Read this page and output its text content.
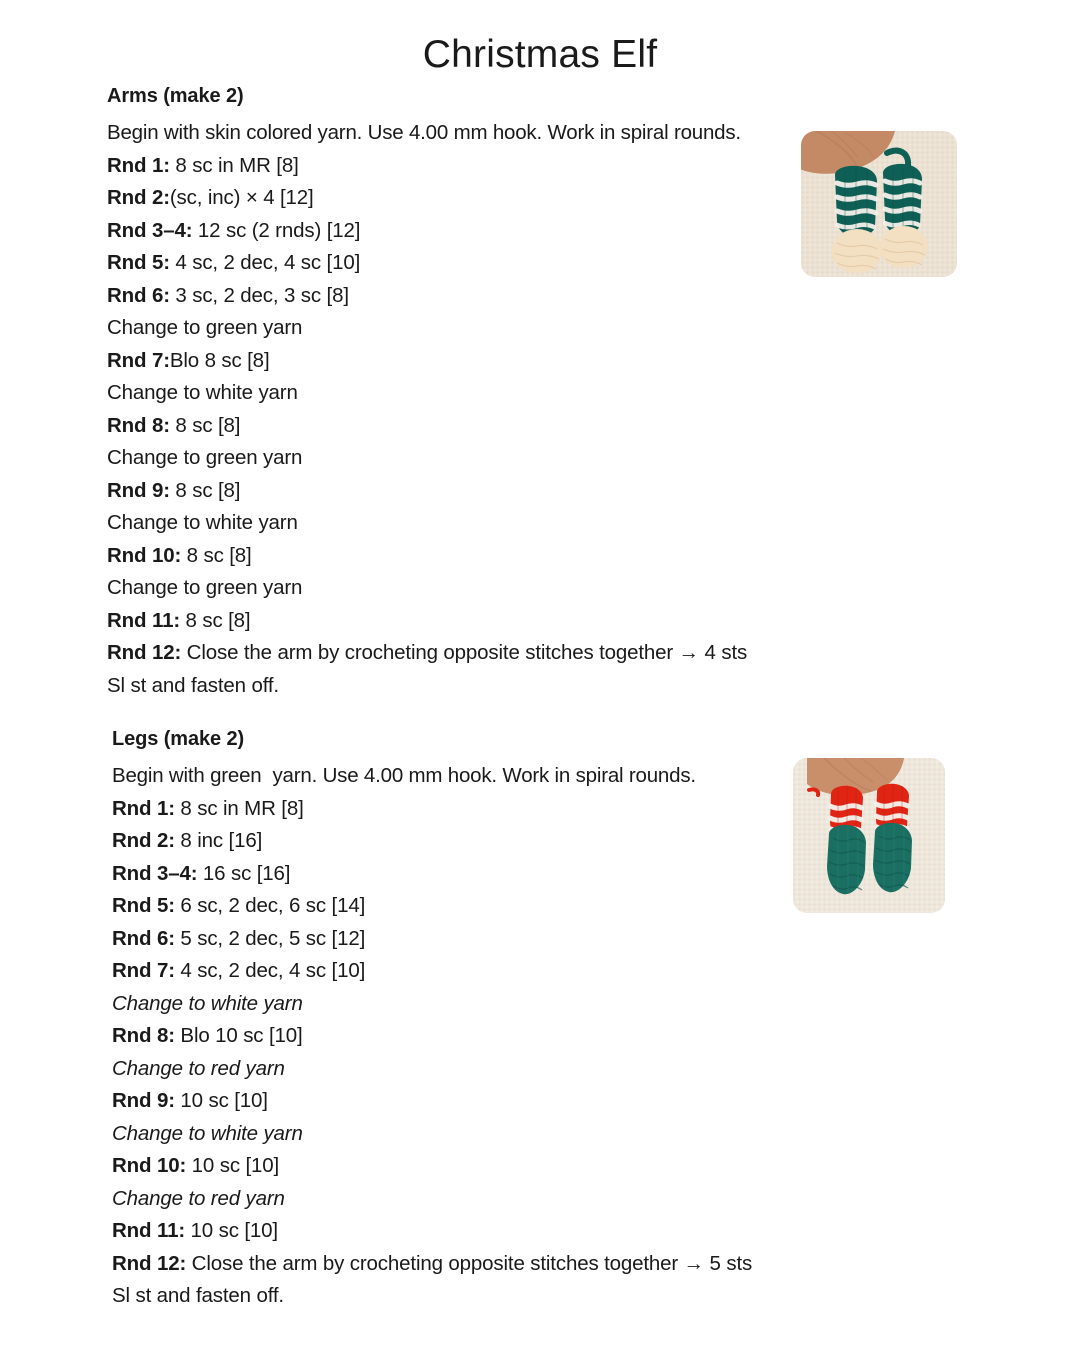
Christmas Elf
Arms (make 2)
Begin with skin colored yarn. Use 4.00 mm hook. Work in spiral rounds.
Rnd 1: 8 sc in MR [8]
Rnd 2:(sc, inc) × 4 [12]
Rnd 3–4: 12 sc (2 rnds) [12]
Rnd 5: 4 sc, 2 dec, 4 sc [10]
Rnd 6: 3 sc, 2 dec, 3 sc [8]
Change to green yarn
Rnd 7:Blo 8 sc [8]
Change to white yarn
Rnd 8: 8 sc [8]
Change to green yarn
Rnd 9: 8 sc [8]
Change to white yarn
Rnd 10: 8 sc [8]
Change to green yarn
Rnd 11: 8 sc [8]
Rnd 12: Close the arm by crocheting opposite stitches together → 4 sts
Sl st and fasten off.
Legs (make 2)
Begin with green  yarn. Use 4.00 mm hook. Work in spiral rounds.
Rnd 1: 8 sc in MR [8]
Rnd 2: 8 inc [16]
Rnd 3–4: 16 sc [16]
Rnd 5: 6 sc, 2 dec, 6 sc [14]
Rnd 6: 5 sc, 2 dec, 5 sc [12]
Rnd 7: 4 sc, 2 dec, 4 sc [10]
Change to white yarn
Rnd 8: Blo 10 sc [10]
Change to red yarn
Rnd 9: 10 sc [10]
Change to white yarn
Rnd 10: 10 sc [10]
Change to red yarn
Rnd 11: 10 sc [10]
Rnd 12: Close the arm by crocheting opposite stitches together → 5 sts
Sl st and fasten off.
